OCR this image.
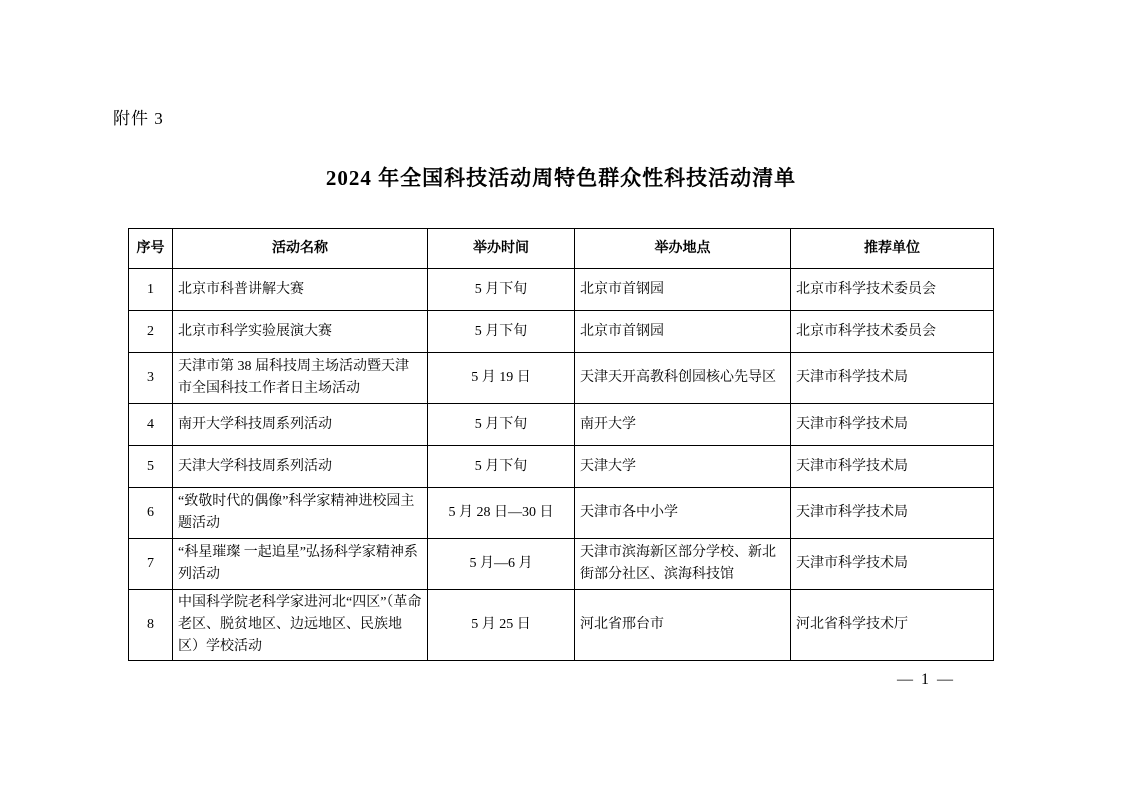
附件 3
2024 年全国科技活动周特色群众性科技活动清单
序号	活动名称	举办时间	举办地点	推荐单位
1	北京市科普讲解大赛	5 月下旬	北京市首钢园	北京市科学技术委员会
2	北京市科学实验展演大赛	5 月下旬	北京市首钢园	北京市科学技术委员会
3	天津市第 38 届科技周主场活动暨天津市全国科技工作者日主场活动	5 月 19 日	天津天开高教科创园核心先导区	天津市科学技术局
4	南开大学科技周系列活动	5 月下旬	南开大学	天津市科学技术局
5	天津大学科技周系列活动	5 月下旬	天津大学	天津市科学技术局
6	“致敬时代的偶像”科学家精神进校园主题活动	5 月 28 日—30 日	天津市各中小学	天津市科学技术局
7	“科星璀璨 一起追星”弘扬科学家精神系列活动	5 月—6 月	天津市滨海新区部分学校、新北街部分社区、滨海科技馆	天津市科学技术局
8	中国科学院老科学家进河北“四区”（革命老区、脱贫地区、边远地区、民族地区）学校活动	5 月 25 日	河北省邢台市	河北省科学技术厅
— 1 —
